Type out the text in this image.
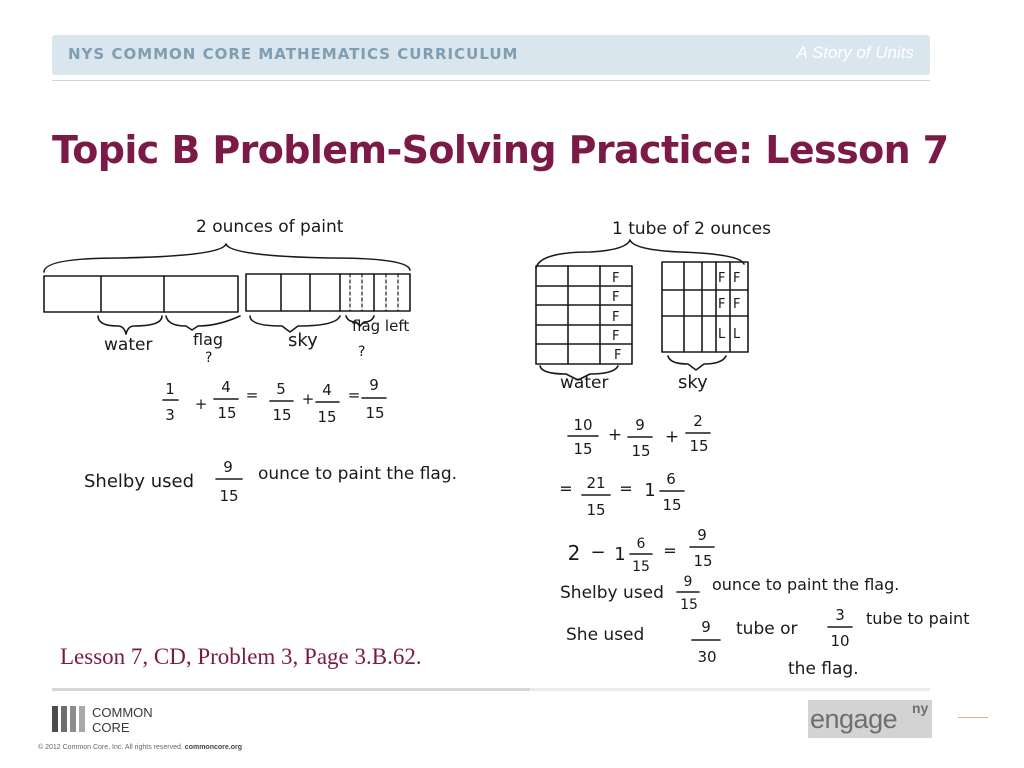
NYS COMMON CORE MATHEMATICS CURRICULUM	A Story of Units
Topic B Problem-Solving Practice: Lesson 7
2 ounces of paint
water	flag
?
sky
flag left
?
1
3
+
4
15
= 5
15
+ 4
15
=
9
15
Shelby used
9
15
ounce to paint the flag.
1 tube of 2 ounces
F
F
F
F
F
F F
F F
L L
water	sky
10
15
+ 9
15
+
2
15
= 21
15
= 1
6
15
2 − 1 6
15
=
9
15
Shelby used
9
15
ounce to paint the flag.
She used	9
30
tube or
3
10
tube to paint
the flag.
Lesson 7, CD, Problem 3, Page 3.B.62.
COMMON
CORE
© 2012 Common Core, Inc. All rights reserved. commoncore.org
engage ny
